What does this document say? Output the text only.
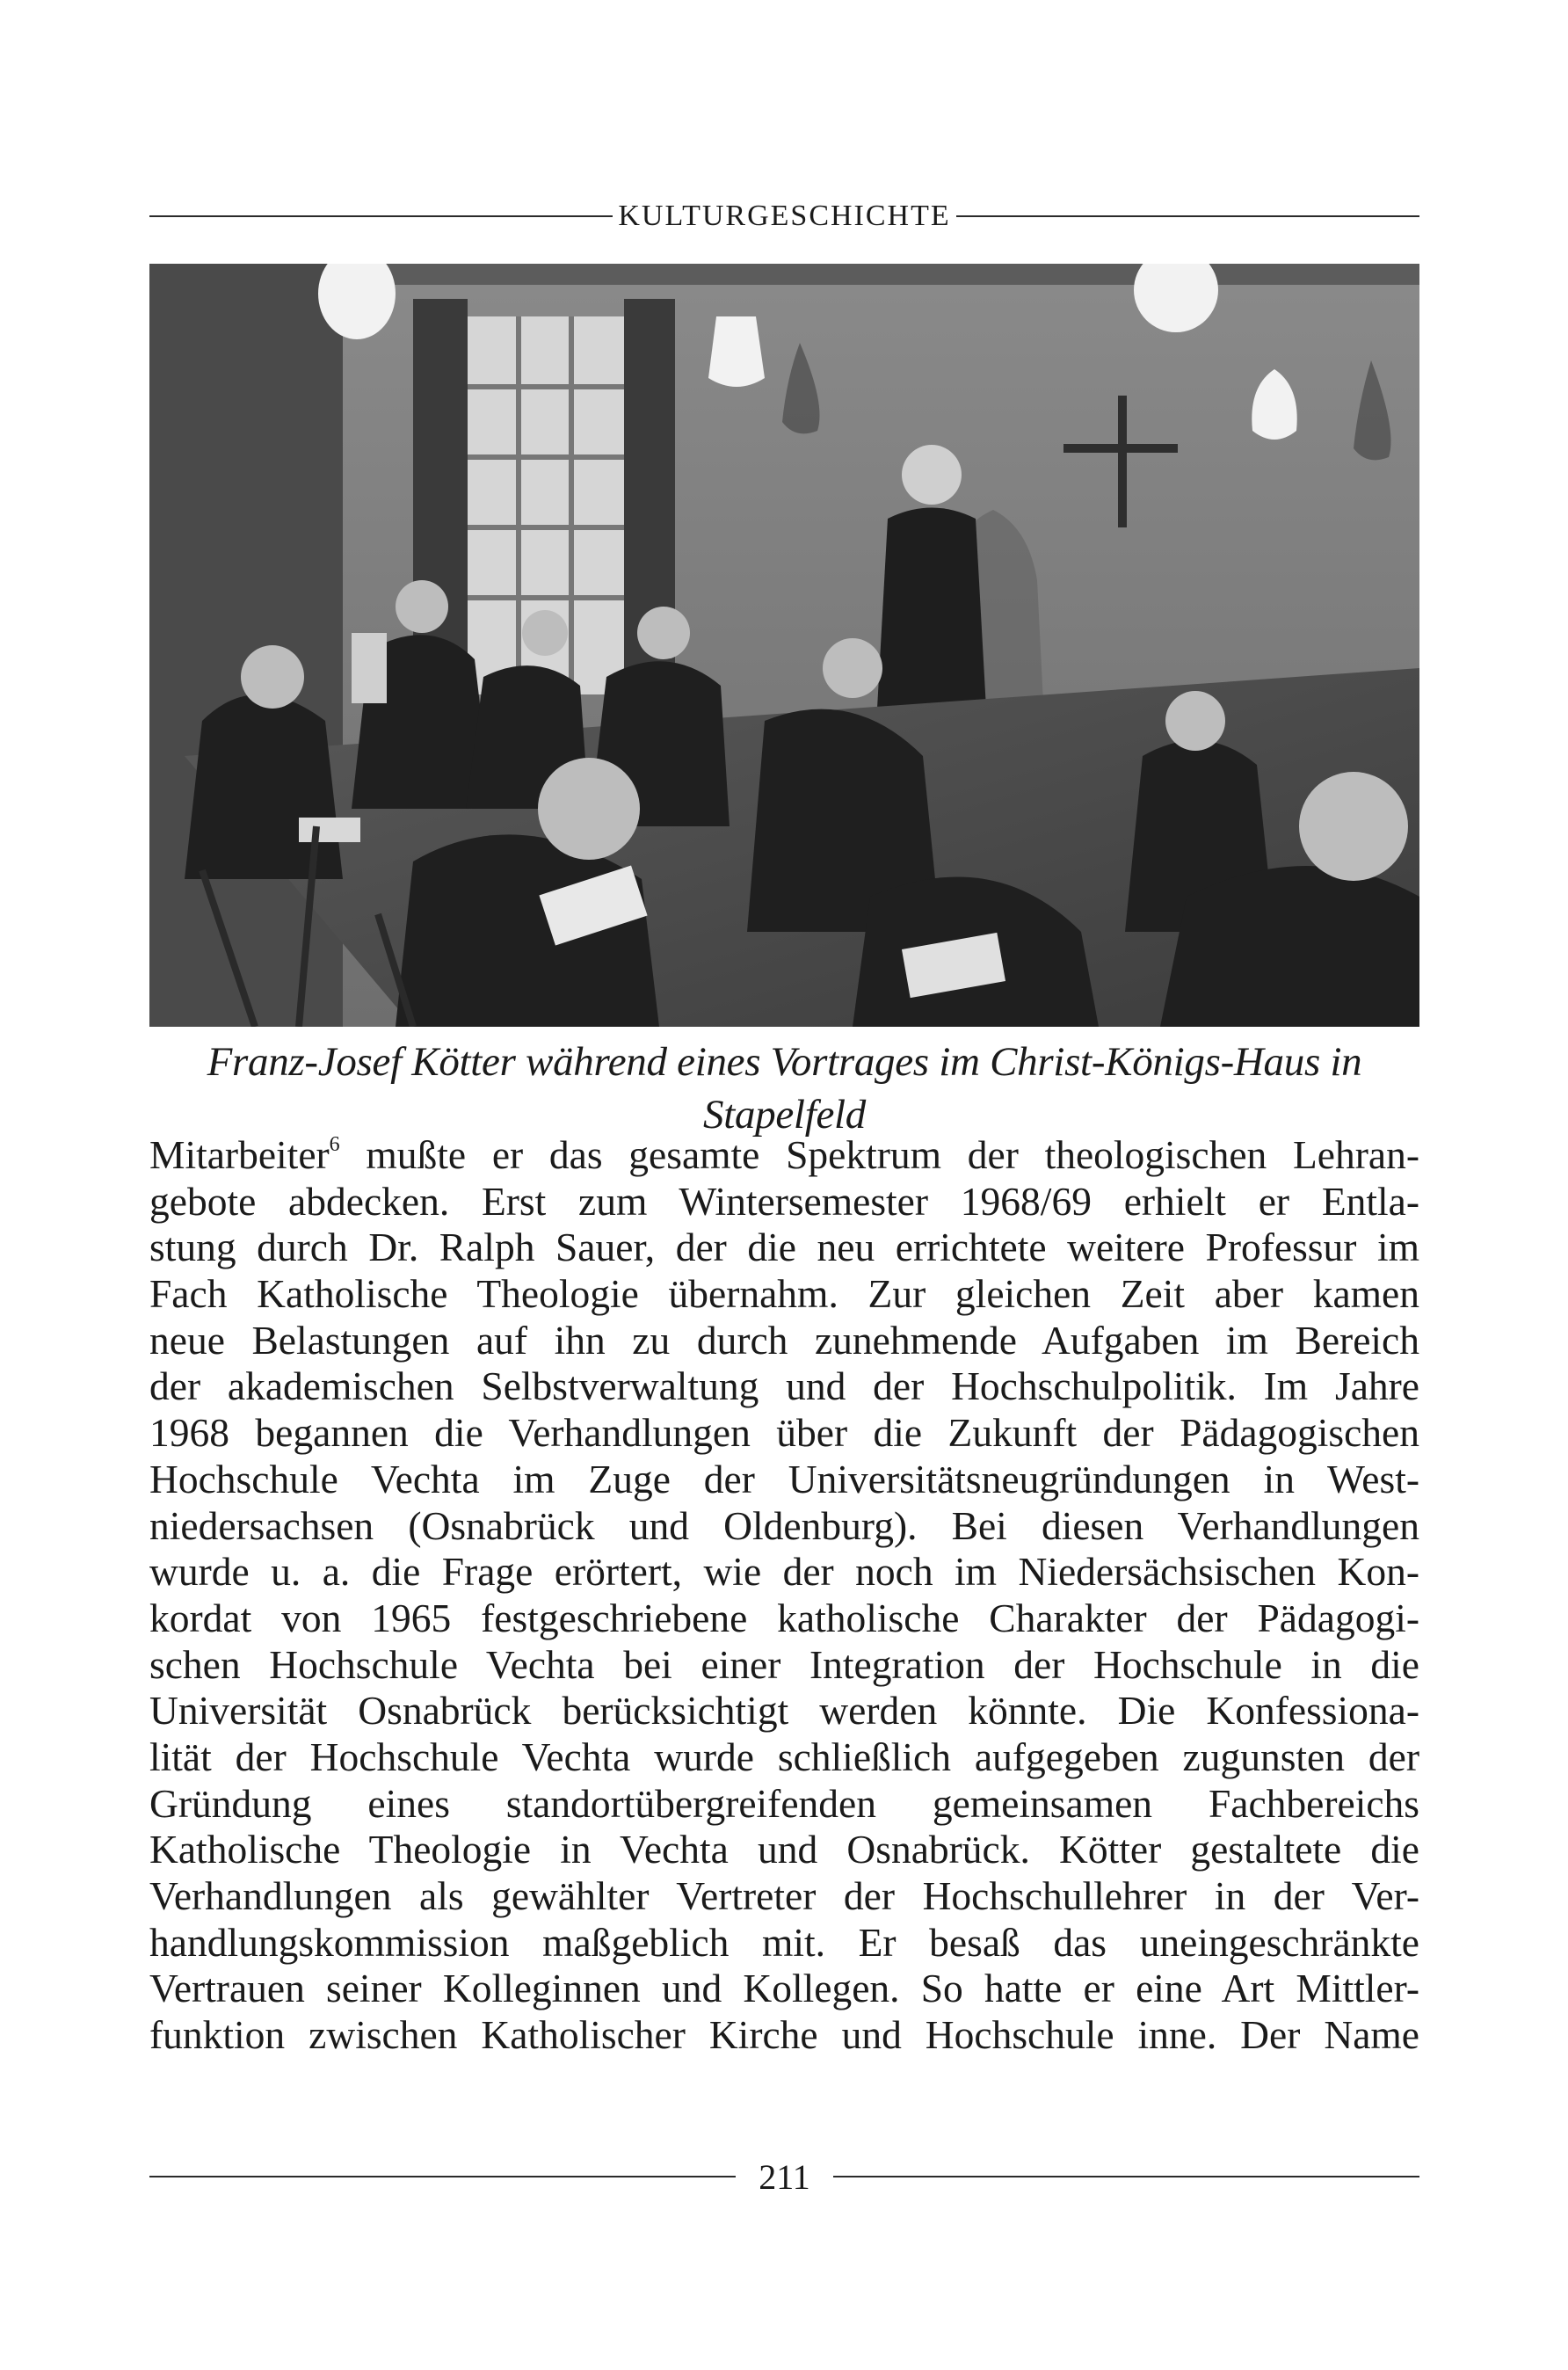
KULTURGESCHICHTE
Franz-Josef Kötter während eines Vortrages im Christ-Königs-Haus in Stapelfeld
Mitarbeiter$^6$ mußte er das gesamte Spektrum der theologischen Lehran-
gebote abdecken. Erst zum Wintersemester 1968/69 erhielt er Entla-
stung durch Dr. Ralph Sauer, der die neu errichtete weitere Professur im
Fach Katholische Theologie übernahm. Zur gleichen Zeit aber kamen
neue Belastungen auf ihn zu durch zunehmende Aufgaben im Bereich
der akademischen Selbstverwaltung und der Hochschulpolitik. Im Jahre
1968 begannen die Verhandlungen über die Zukunft der Pädagogischen
Hochschule Vechta im Zuge der Universitätsneugründungen in West-
niedersachsen (Osnabrück und Oldenburg). Bei diesen Verhandlungen
wurde u. a. die Frage erörtert, wie der noch im Niedersächsischen Kon-
kordat von 1965 festgeschriebene katholische Charakter der Pädagogi-
schen Hochschule Vechta bei einer Integration der Hochschule in die
Universität Osnabrück berücksichtigt werden könnte. Die Konfessiona-
lität der Hochschule Vechta wurde schließlich aufgegeben zugunsten der
Gründung eines standortübergreifenden gemeinsamen Fachbereichs
Katholische Theologie in Vechta und Osnabrück. Kötter gestaltete die
Verhandlungen als gewählter Vertreter der Hochschullehrer in der Ver-
handlungskommission maßgeblich mit. Er besaß das uneingeschränkte
Vertrauen seiner Kolleginnen und Kollegen. So hatte er eine Art Mittler-
funktion zwischen Katholischer Kirche und Hochschule inne. Der Name
211
